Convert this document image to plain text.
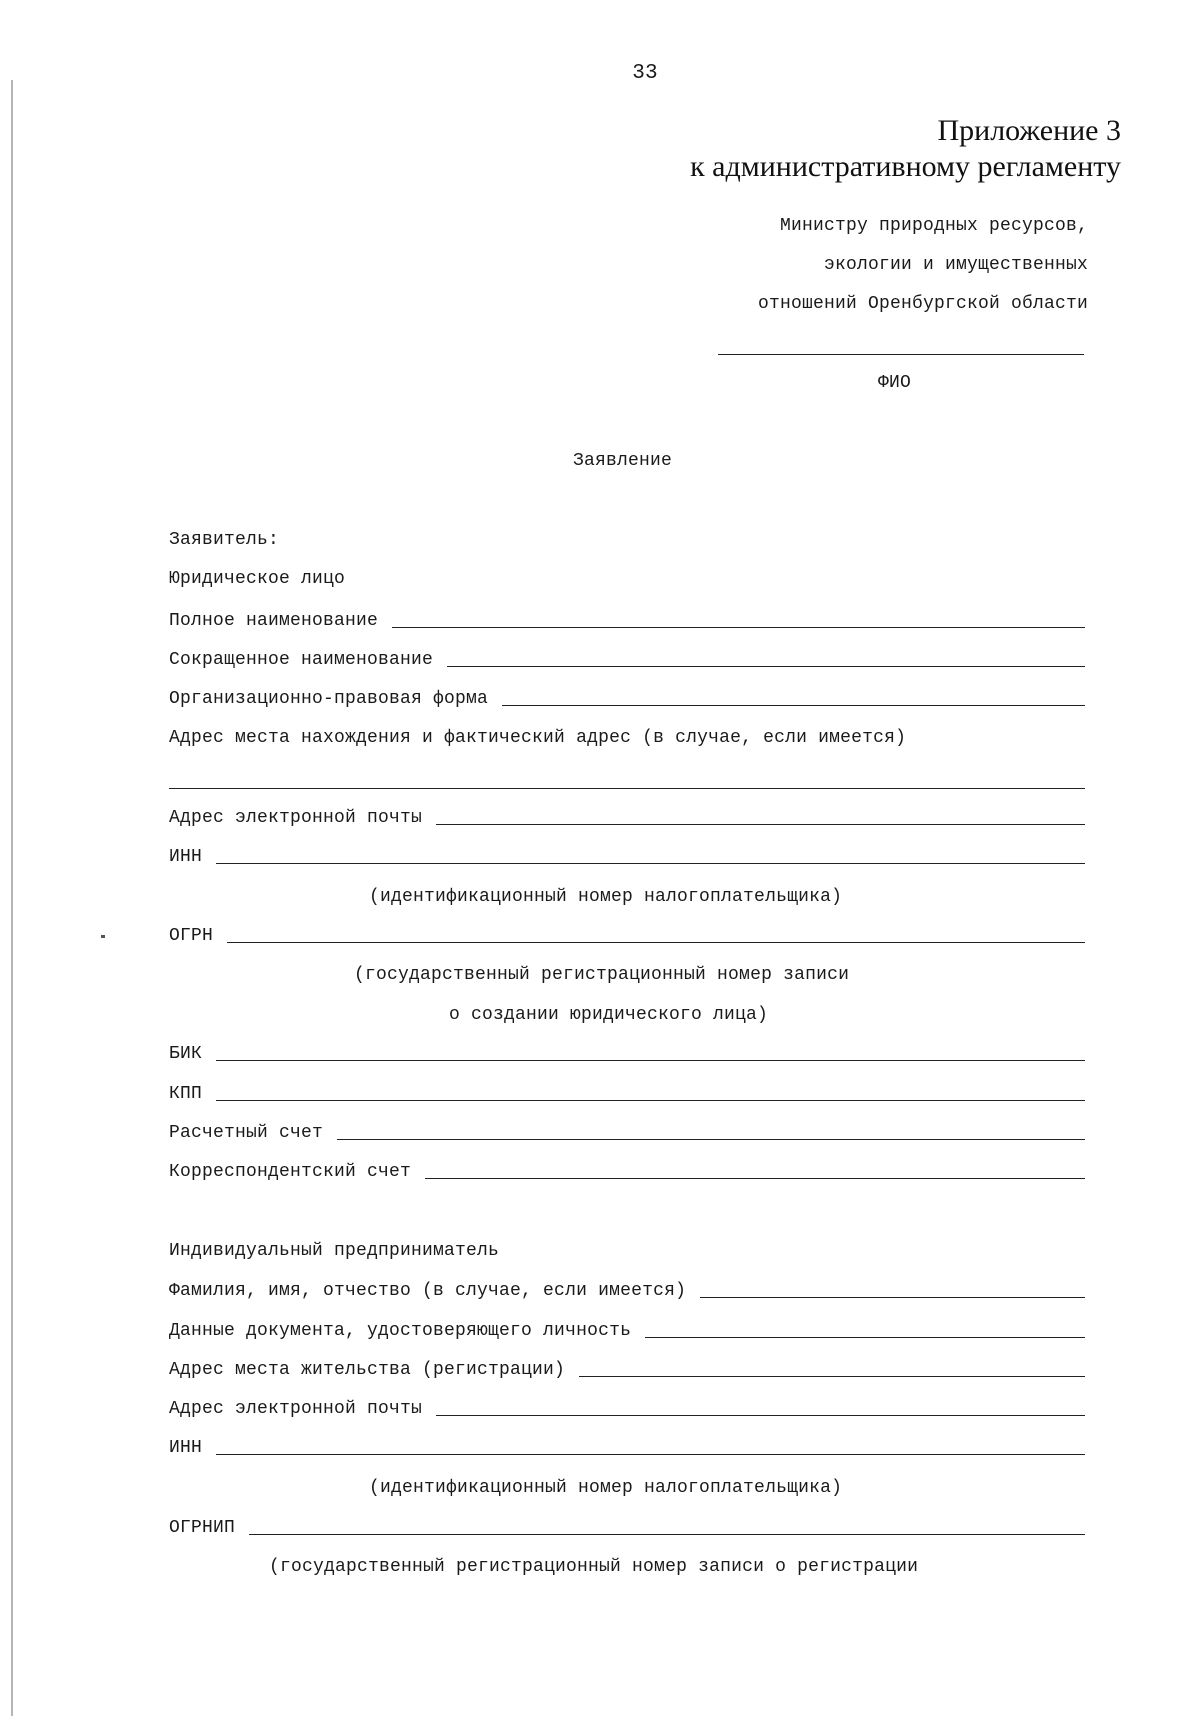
33
Приложение 3
к административному регламенту
Министру природных ресурсов,
экологии и имущественных
отношений Оренбургской области
ФИО
Заявление
Заявитель:
Юридическое лицо
Полное наименование
Сокращенное наименование
Организационно-правовая форма
Адрес места нахождения и фактический адрес (в случае, если имеется)
Адрес электронной почты
ИНН
(идентификационный номер налогоплательщика)
ОГРН
(государственный регистрационный номер записи
о создании юридического лица)
БИК
КПП
Расчетный счет
Корреспондентский счет
Индивидуальный предприниматель
Фамилия, имя, отчество (в случае, если имеется)
Данные документа, удостоверяющего личность
Адрес места жительства (регистрации)
Адрес электронной почты
ИНН
(идентификационный номер налогоплательщика)
ОГРНИП
(государственный регистрационный номер записи о регистрации
